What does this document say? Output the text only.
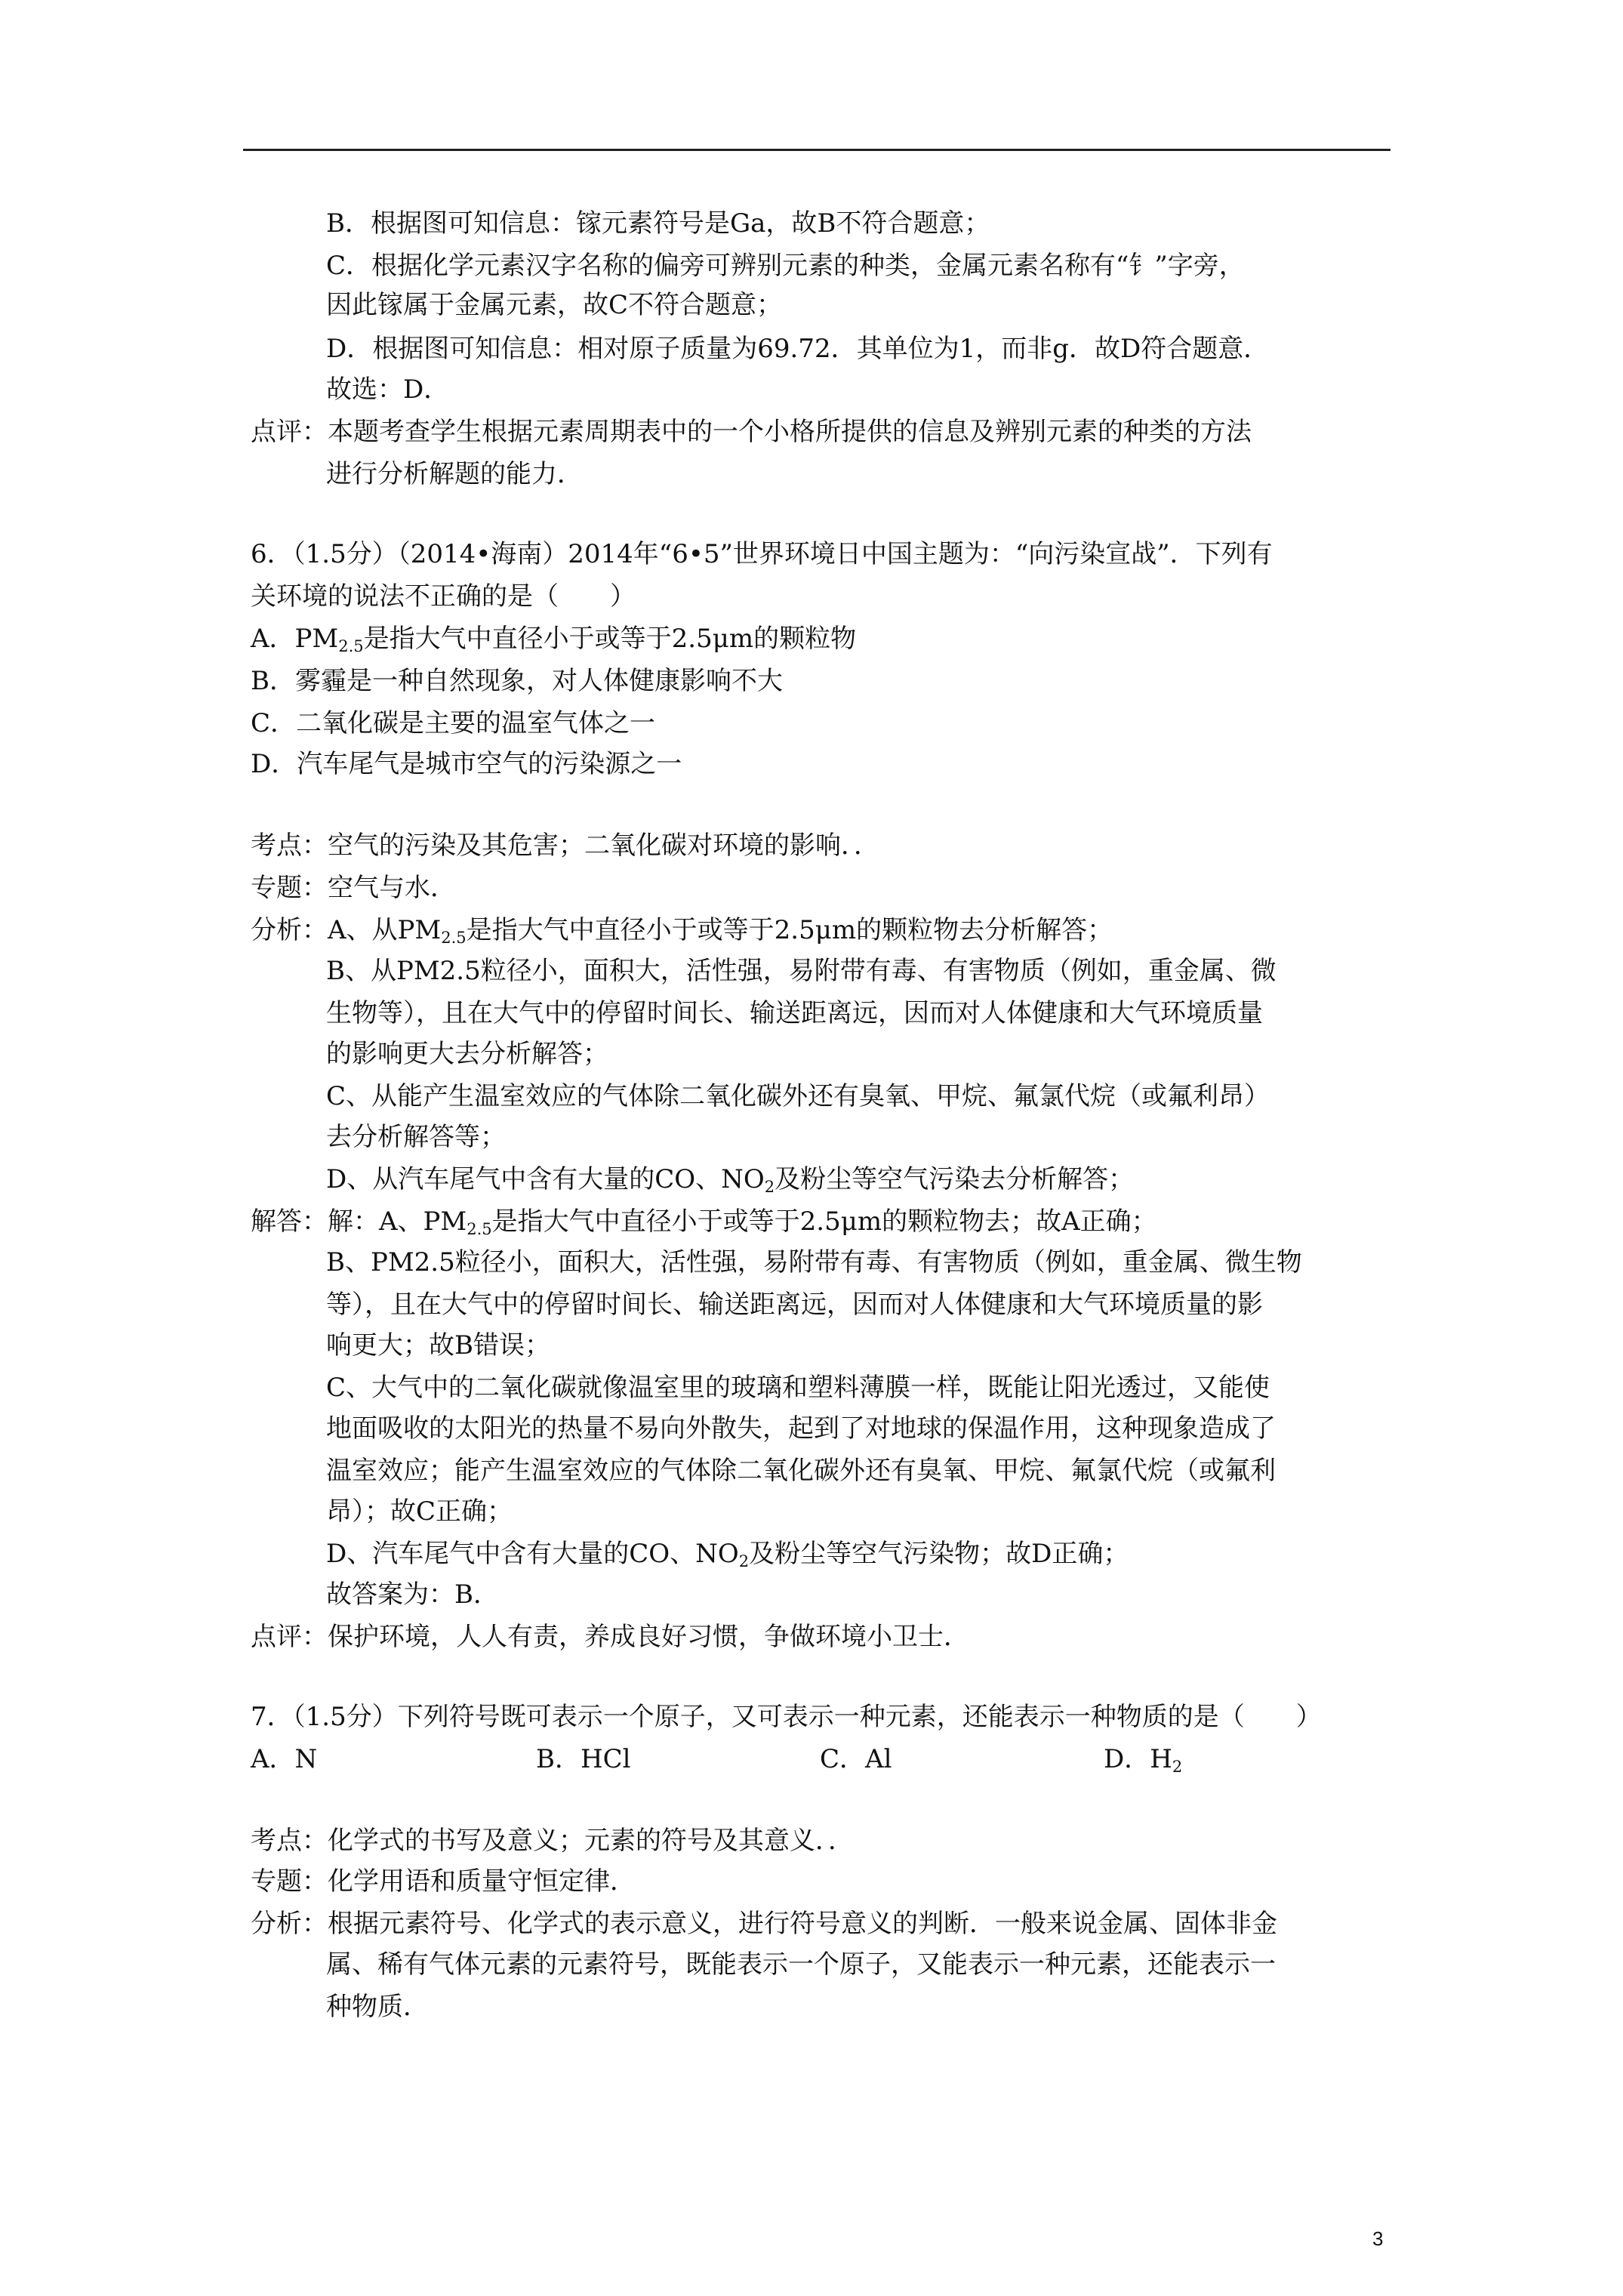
B．根据图可知信息：镓元素符号是Ga，故B不符合题意；
C．根据化学元素汉字名称的偏旁可辨别元素的种类，金属元素名称有“钅”字旁，
因此镓属于金属元素，故C不符合题意；
D．根据图可知信息：相对原子质量为69.72．其单位为1，而非g．故D符合题意．
故选：D．
点评：本题考查学生根据元素周期表中的一个小格所提供的信息及辨别元素的种类的方法
进行分析解题的能力．
6．（1.5分）（2014•海南）2014年“6•5”世界环境日中国主题为：“向污染宣战”．下列有
关环境的说法不正确的是（　　）
A．$PM_{2.5}$是指大气中直径小于或等于2.5μm的颗粒物
B．雾霾是一种自然现象，对人体健康影响不大
C．二氧化碳是主要的温室气体之一
D．汽车尾气是城市空气的污染源之一
考点：空气的污染及其危害；二氧化碳对环境的影响．．
专题：空气与水．
分析：A、从$PM_{2.5}$是指大气中直径小于或等于2.5μm的颗粒物去分析解答；
B、从PM2.5粒径小，面积大，活性强，易附带有毒、有害物质（例如，重金属、微
生物等），且在大气中的停留时间长、输送距离远，因而对人体健康和大气环境质量
的影响更大去分析解答；
C、从能产生温室效应的气体除二氧化碳外还有臭氧、甲烷、氟氯代烷（或氟利昂）
去分析解答等；
D、从汽车尾气中含有大量的CO、$NO_2$及粉尘等空气污染去分析解答；
解答：解：A、$PM_{2.5}$是指大气中直径小于或等于2.5μm的颗粒物去；故A正确；
B、PM2.5粒径小，面积大，活性强，易附带有毒、有害物质（例如，重金属、微生物
等），且在大气中的停留时间长、输送距离远，因而对人体健康和大气环境质量的影
响更大；故B错误；
C、大气中的二氧化碳就像温室里的玻璃和塑料薄膜一样，既能让阳光透过，又能使
地面吸收的太阳光的热量不易向外散失，起到了对地球的保温作用，这种现象造成了
温室效应；能产生温室效应的气体除二氧化碳外还有臭氧、甲烷、氟氯代烷（或氟利
昂）；故C正确；
D、汽车尾气中含有大量的CO、$NO_2$及粉尘等空气污染物；故D正确；
故答案为：B．
点评：保护环境，人人有责，养成良好习惯，争做环境小卫士．
7．（1.5分）下列符号既可表示一个原子，又可表示一种元素，还能表示一种物质的是（　　）
A．N	B．HCl	C．Al	D．$H_2$
考点：化学式的书写及意义；元素的符号及其意义．．
专题：化学用语和质量守恒定律．
分析：根据元素符号、化学式的表示意义，进行符号意义的判断．一般来说金属、固体非金
属、稀有气体元素的元素符号，既能表示一个原子，又能表示一种元素，还能表示一
种物质．
3
